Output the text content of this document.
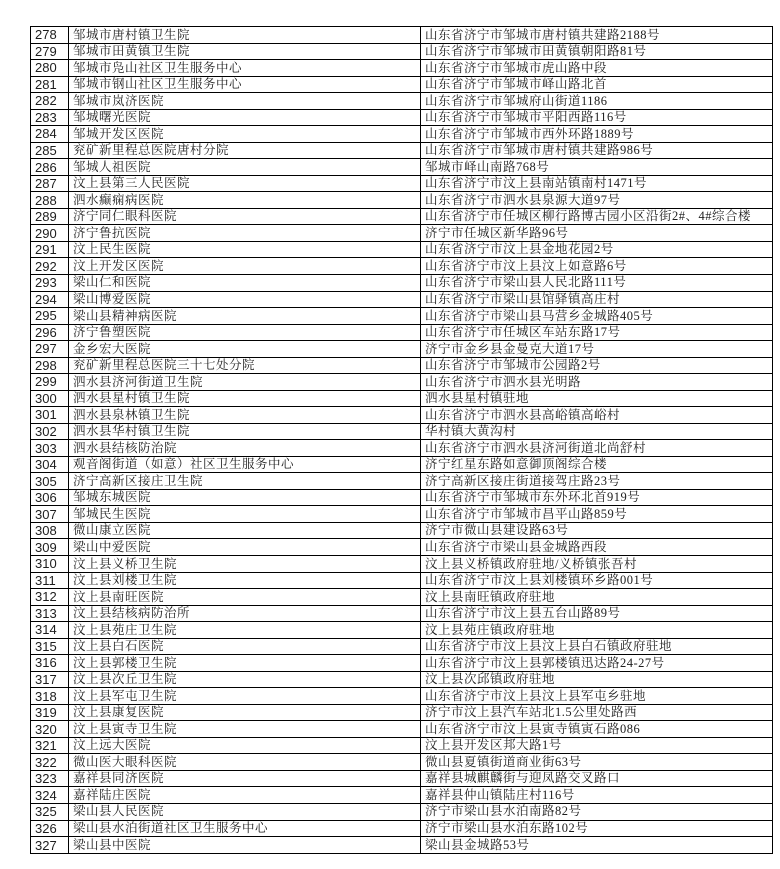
278	邹城市唐村镇卫生院	山东省济宁市邹城市唐村镇共建路2188号
279	邹城市田黄镇卫生院	山东省济宁市邹城市田黄镇朝阳路81号
280	邹城市凫山社区卫生服务中心	山东省济宁市邹城市虎山路中段
281	邹城市钢山社区卫生服务中心	山东省济宁市邹城市峄山路北首
282	邹城市岚济医院	山东省济宁市邹城府山街道1186
283	邹城曙光医院	山东省济宁市邹城市平阳西路116号
284	邹城开发区医院	山东省济宁市邹城市西外环路1889号
285	兖矿新里程总医院唐村分院	山东省济宁市邹城市唐村镇共建路986号
286	邹城人祖医院	邹城市峄山南路768号
287	汶上县第三人民医院	山东省济宁市汶上县南站镇南村1471号
288	泗水癫痫病医院	山东省济宁市泗水县泉源大道97号
289	济宁同仁眼科医院	山东省济宁市任城区柳行路博古园小区沿街2#、4#综合楼
290	济宁鲁抗医院	济宁市任城区新华路96号
291	汶上民生医院	山东省济宁市汶上县金地花园2号
292	汶上开发区医院	山东省济宁市汶上县汶上如意路6号
293	梁山仁和医院	山东省济宁市梁山县人民北路111号
294	梁山博爱医院	山东省济宁市梁山县馆驿镇高庄村
295	梁山县精神病医院	山东省济宁市梁山县马营乡金城路405号
296	济宁鲁塑医院	山东省济宁市任城区车站东路17号
297	金乡宏大医院	济宁市金乡县金曼克大道17号
298	兖矿新里程总医院三十七处分院	山东省济宁市邹城市公园路2号
299	泗水县济河街道卫生院	山东省济宁市泗水县光明路
300	泗水县星村镇卫生院	泗水县星村镇驻地
301	泗水县泉林镇卫生院	山东省济宁市泗水县高峪镇高峪村
302	泗水县华村镇卫生院	华村镇大黄沟村
303	泗水县结核防治院	山东省济宁市泗水县济河街道北尚舒村
304	观音阁街道（如意）社区卫生服务中心	济宁红星东路如意御顶阁综合楼
305	济宁高新区接庄卫生院	济宁高新区接庄街道接驾庄路23号
306	邹城东城医院	山东省济宁市邹城市东外环北首919号
307	邹城民生医院	山东省济宁市邹城市昌平山路859号
308	微山康立医院	济宁市微山县建设路63号
309	梁山中爱医院	山东省济宁市梁山县金城路西段
310	汶上县义桥卫生院	汶上县义桥镇政府驻地/义桥镇张吾村
311	汶上县刘楼卫生院	山东省济宁市汶上县刘楼镇环乡路001号
312	汶上县南旺医院	汶上县南旺镇政府驻地
313	汶上县结核病防治所	山东省济宁市汶上县五台山路89号
314	汶上县苑庄卫生院	汶上县苑庄镇政府驻地
315	汶上县白石医院	山东省济宁市汶上县汶上县白石镇政府驻地
316	汶上县郭楼卫生院	山东省济宁市汶上县郭楼镇迅达路24-27号
317	汶上县次丘卫生院	汶上县次邱镇政府驻地
318	汶上县军屯卫生院	山东省济宁市汶上县汶上县军屯乡驻地
319	汶上县康复医院	济宁市汶上县汽车站北1.5公里处路西
320	汶上县寅寺卫生院	山东省济宁市汶上县寅寺镇寅石路086
321	汶上远大医院	汶上县开发区邦大路1号
322	微山医大眼科医院	微山县夏镇街道商业街63号
323	嘉祥县同济医院	嘉祥县城麒麟街与迎凤路交叉路口
324	嘉祥陆庄医院	嘉祥县仲山镇陆庄村116号
325	梁山县人民医院	济宁市梁山县水泊南路82号
326	梁山县水泊街道社区卫生服务中心	济宁市梁山县水泊东路102号
327	梁山县中医院	梁山县金城路53号
